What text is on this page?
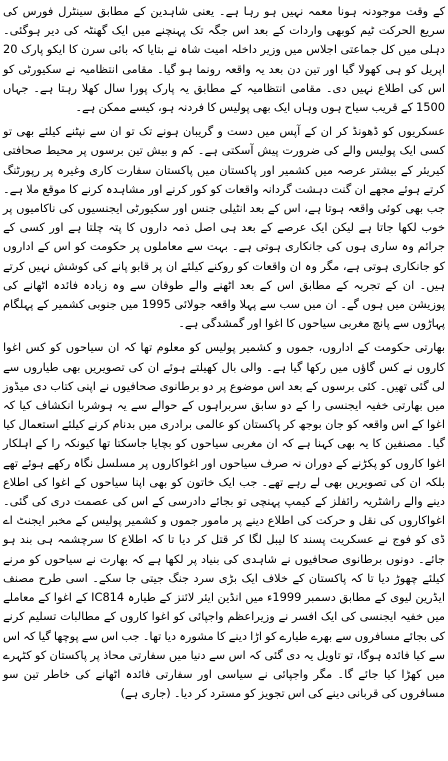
کے وقت موجودنہ ہونا معمہ نہیں ہو رہا ہے۔ یعنی شاہدین کے مطابق سینٹرل فورس کی سریع الحرکت ٹیم کوبھی واردات کے بعد اس جگہ تک پہنچنے میں ایک گھنٹہ کی دیر ہوگئی۔ دہلی میں کل جماعتی اجلاس میں وزیر داخلہ امیت شاہ نے بتایا کہ بائی سرن کا ایکو پارک 20 اپریل کو ہی کھولا گیا اور تین دن بعد یہ واقعہ رونما ہو گیا۔ مقامی انتظامیہ نے سکیورٹی کو اس کی اطلاع نہیں دی۔ مقامی انتظامیہ کے مطابق یہ پارک پورا سال کھلا رہتا ہے۔ جہاں 1500 کے قریب سیاح ہوں وہاں ایک بھی پولیس کا فردنہ ہو، کیسے ممکن ہے۔

عسکریوں کو ڈھونڈ کر ان کے آپس میں دست و گریبان ہونے تک تو ان سے نپٹنے کیلئے بھی تو کسی ایک پولیس والے کی ضرورت پیش آسکتی ہے۔ کم و بیش تین برسوں پر محیط صحافتی کیریئر کے بیشتر عرصہ میں کشمیر اور پاکستان میں پاکستان سفارت کاری وغیرہ پر رپورٹنگ کرتے ہوئے مجھے ان گنت دہشت گردانہ واقعات کو کور کرنے اور مشاہدہ کرنے کا موقع ملا ہے۔ جب بھی کوئی واقعہ ہوتا ہے، اس کے بعد انٹیلی جنس اور سکیورٹی ایجنسیوں کی ناکامیوں پر خوب لکھا جاتا ہے لیکن ایک عرصے کے بعد ہی اصل ذمہ داروں کا پتہ چلتا ہے اور کسی کے جرائم وہ ساری ہوں کی جانکاری ہوتی ہے۔ بہت سے معاملوں پر حکومت کو اس کے اداروں کو جانکاری ہوتی ہے، مگر وہ ان واقعات کو روکنے کیلئے ان پر قابو پانے کی کوشش نہیں کرتے ہیں۔ ان کے تجربہ کے مطابق اس کے بعد اٹھنے والے طوفان سے وہ زیادہ فائدہ اٹھانے کی پوزیشن میں ہوں گے۔ ان میں سب سے پہلا واقعہ جولائی 1995 میں جنوبی کشمیر کے پہلگام پہاڑوں سے پانچ مغربی سیاحوں کا اغوا اور گمشدگی ہے۔

بھارتی حکومت کے اداروں، جموں و کشمیر پولیس کو معلوم تھا کہ ان سیاحوں کو کس اغوا کاروں نے کس گاؤں میں رکھا گیا ہے۔ والی بال کھیلتے ہوئے ان کی تصویریں بھی طیاروں سے لی گئی تھیں۔ کئی برسوں کے بعد اس موضوع پر دو برطانوی صحافیوں نے اپنی کتاب دی میڈوز میں بھارتی خفیہ ایجنسی را کے دو سابق سربراہوں کے حوالے سے یہ ہوشربا انکشاف کیا کہ اغوا کے اس واقعہ کو جان بوجھ کر پاکستان کو عالمی برادری میں بدنام کرنے کیلئے استعمال کیا گیا۔ مصنفین کا یہ بھی کہنا ہے کہ ان مغربی سیاحوں کو بچایا جاسکتا تھا کیونکہ را کے اہلکار اغوا کاروں کو پکڑنے کے دوران نہ صرف سیاحوں اور اغواکاروں پر مسلسل نگاہ رکھے ہوئے تھے بلکہ ان کی تصویریں بھی لے رہے تھے۔ جب ایک خاتون کو بھی اپنا سیاحوں کے اغوا کی اطلاع دینے والے راشٹریہ رائفلز کے کیمپ پہنچی تو بجائے دادرسی کے اس کی عصمت دری کی گئی۔ اغواکاروں کی نقل و حرکت کی اطلاع دینے پر مامور جموں و کشمیر پولیس کے مخبر ایجنٹ اے ڈی کو فوج نے عسکریت پسند کا لیبل لگا کر قتل کر دیا تا کہ اطلاع کا سرچشمہ ہی بند ہو جائے۔ دونوں برطانوی صحافیوں نے شاہدی کی بنیاد پر لکھا ہے کہ بھارت نے سیاحوں کو مرنے کیلئے چھوڑ دیا تا کہ پاکستان کے خلاف ایک بڑی سرد جنگ جیتی جا سکے۔ اسی طرح مصنف ایڈرین لیوی کے مطابق دسمبر 1999ء میں انڈین ایئر لائنز کے طیارہ IC814 کے اغوا کے معاملے میں خفیہ ایجنسی کی ایک افسر نے وزیراعظم واجپائی کو اغوا کاروں کے مطالبات تسلیم کرنے کی بجائے مسافروں سے بھرے طیارے کو اڑا دینے کا مشورہ دیا تھا۔ جب اس سے پوچھا گیا کہ اس سے کیا فائدہ ہوگا، تو تاویل یہ دی گئی کہ اس سے دنیا میں سفارتی محاذ پر پاکستان کو کٹہرے میں کھڑا کیا جائے گا۔ مگر واجپائی نے سیاسی اور سفارتی فائدہ اٹھانے کی خاطر تین سو مسافروں کی قربانی دینے کی اس تجویز کو مسترد کر دیا۔ (جاری ہے)
